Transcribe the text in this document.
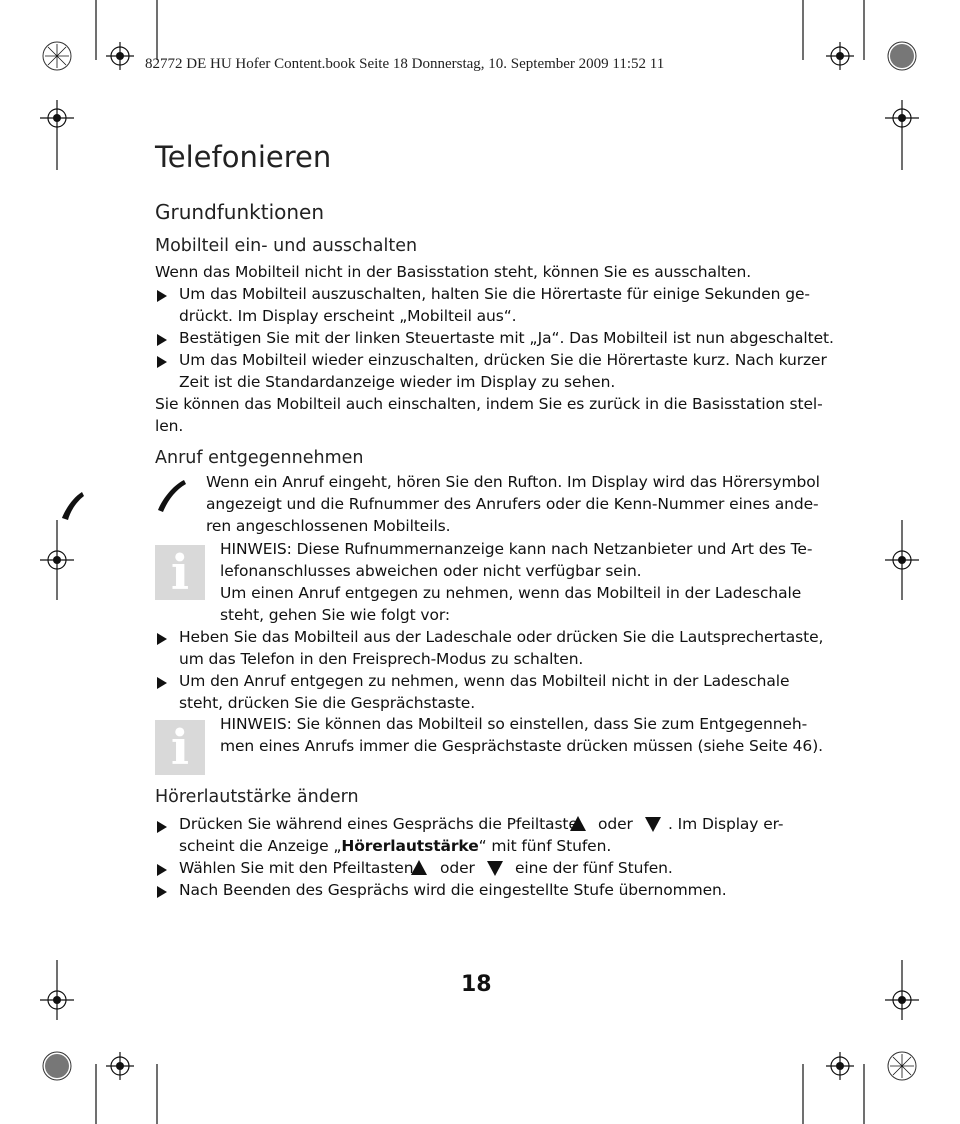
82772 DE HU Hofer Content.book Seite 18 Donnerstag, 10. September 2009 11:52 11
Telefonieren
Grundfunktionen
Mobilteil ein- und ausschalten
Wenn das Mobilteil nicht in der Basisstation steht, können Sie es ausschalten.
Um das Mobilteil auszuschalten, halten Sie die Hörertaste für einige Sekunden ge-
drückt. Im Display erscheint „Mobilteil aus“.
Bestätigen Sie mit der linken Steuertaste mit „Ja“. Das Mobilteil ist nun abgeschaltet.
Um das Mobilteil wieder einzuschalten, drücken Sie die Hörertaste kurz. Nach kurzer
Zeit ist die Standardanzeige wieder im Display zu sehen.
Sie können das Mobilteil auch einschalten, indem Sie es zurück in die Basisstation stel-
len.
Anruf entgegennehmen
Wenn ein Anruf eingeht, hören Sie den Rufton. Im Display wird das Hörersymbol
angezeigt und die Rufnummer des Anrufers oder die Kenn-Nummer eines ande-
ren angeschlossenen Mobilteils.
i	HINWEIS: Diese Rufnummernanzeige kann nach Netzanbieter und Art des Te-
lefonanschlusses abweichen oder nicht verfügbar sein.
Um einen Anruf entgegen zu nehmen, wenn das Mobilteil in der Ladeschale
steht, gehen Sie wie folgt vor:
Heben Sie das Mobilteil aus der Ladeschale oder drücken Sie die Lautsprechertaste,
um das Telefon in den Freisprech-Modus zu schalten.
Um den Anruf entgegen zu nehmen, wenn das Mobilteil nicht in der Ladeschale
steht, drücken Sie die Gesprächstaste.
i	HINWEIS: Sie können das Mobilteil so einstellen, dass Sie zum Entgegenneh-
men eines Anrufs immer die Gesprächstaste drücken müssen (siehe Seite 46).
Hörerlautstärke ändern
Drücken Sie während eines Gesprächs die Pfeiltaste oder . Im Display er-
scheint die Anzeige „Hörerlautstärke“ mit fünf Stufen.
Wählen Sie mit den Pfeiltasten oder	eine der fünf Stufen.
Nach Beenden des Gesprächs wird die eingestellte Stufe übernommen.
18
